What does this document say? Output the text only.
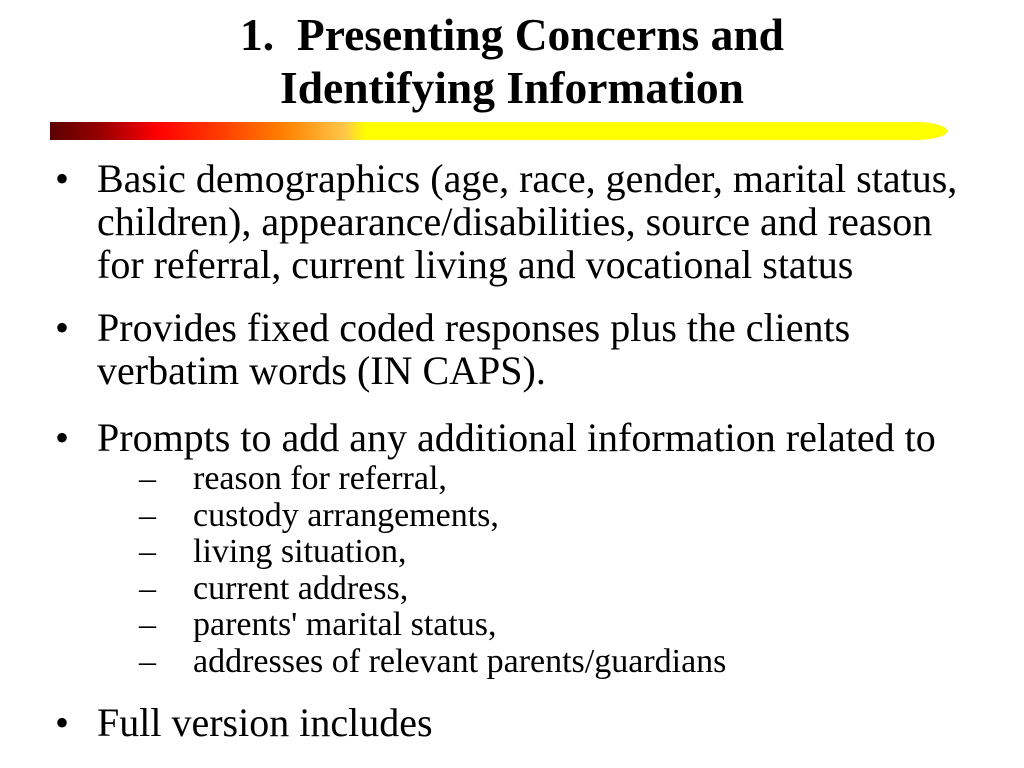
1.  Presenting Concerns and
Identifying Information
• Basic demographics (age, race, gender, marital status,
children), appearance/disabilities, source and reason
for referral, current living and vocational status
• Provides fixed coded responses plus the clients
verbatim words (IN CAPS).
• Prompts to add any additional information related to
– reason for referral,
– custody arrangements,
– living situation,
– current address,
– parents' marital status,
– addresses of relevant parents/guardians
• Full version includes
